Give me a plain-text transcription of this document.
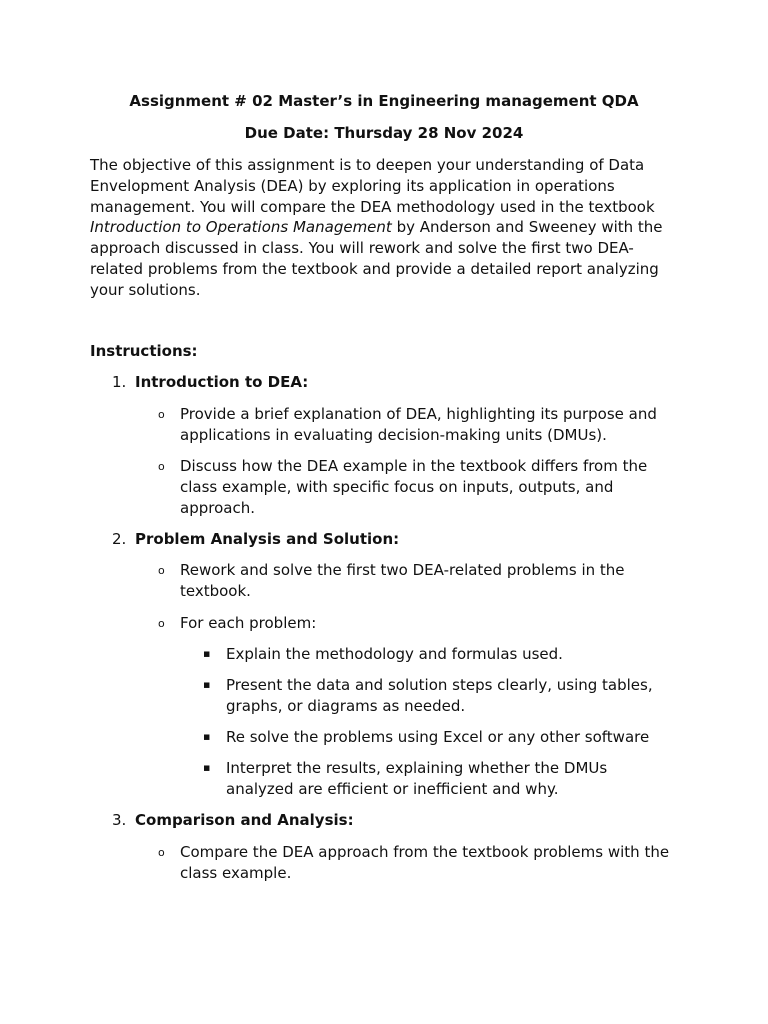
Assignment # 02 Master’s in Engineering management QDA

Due Date: Thursday 28 Nov 2024

The objective of this assignment is to deepen your understanding of Data Envelopment Analysis (DEA) by exploring its application in operations management. You will compare the DEA methodology used in the textbook Introduction to Operations Management by Anderson and Sweeney with the approach discussed in class. You will rework and solve the first two DEA-related problems from the textbook and provide a detailed report analyzing your solutions.

Instructions:

1. Introduction to DEA:
o Provide a brief explanation of DEA, highlighting its purpose and applications in evaluating decision-making units (DMUs).
o Discuss how the DEA example in the textbook differs from the class example, with specific focus on inputs, outputs, and approach.
2. Problem Analysis and Solution:
o Rework and solve the first two DEA-related problems in the textbook.
o For each problem:
▪ Explain the methodology and formulas used.
▪ Present the data and solution steps clearly, using tables, graphs, or diagrams as needed.
▪ Re solve the problems using Excel or any other software
▪ Interpret the results, explaining whether the DMUs analyzed are efficient or inefficient and why.
3. Comparison and Analysis:
o Compare the DEA approach from the textbook problems with the class example.
